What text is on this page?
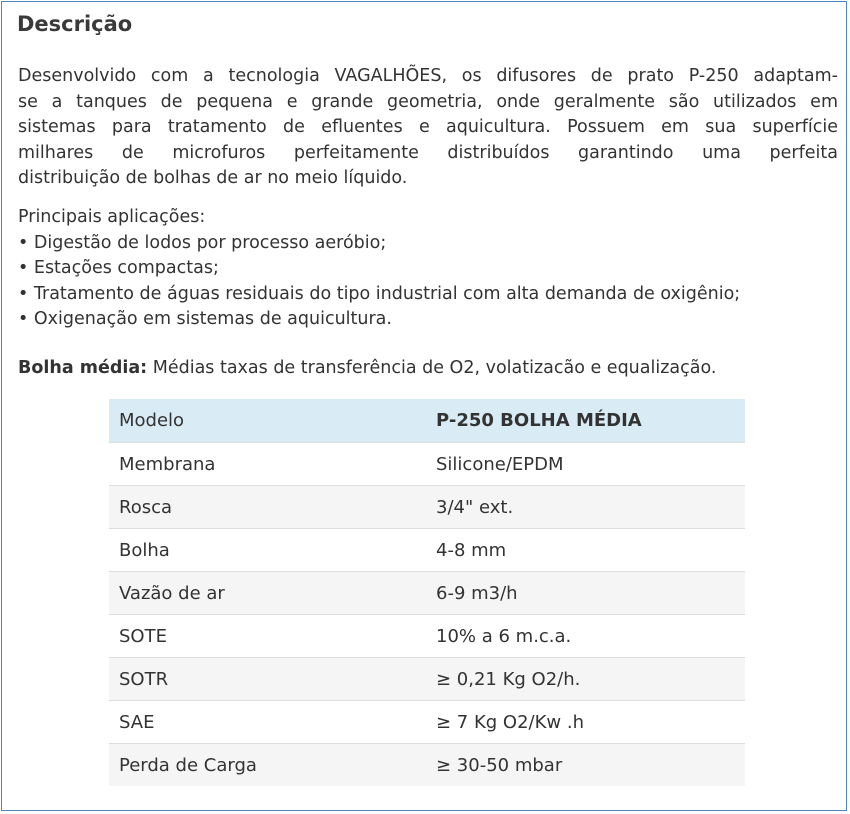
Descrição
Desenvolvido com a tecnologia VAGALHÕES, os difusores de prato P-250 adaptam-
se a tanques de pequena e grande geometria, onde geralmente são utilizados em
sistemas para tratamento de efluentes e aquicultura. Possuem em sua superfície
milhares de microfuros perfeitamente distribuídos garantindo uma perfeita
distribuição de bolhas de ar no meio líquido.
Principais aplicações:
• Digestão de lodos por processo aeróbio;
• Estações compactas;
• Tratamento de águas residuais do tipo industrial com alta demanda de oxigênio;
• Oxigenação em sistemas de aquicultura.
Bolha média: Médias taxas de transferência de O2, volatizacão e equalização.
Modelo	P-250 BOLHA MÉDIA
Membrana	Silicone/EPDM
Rosca	3/4" ext.
Bolha	4-8 mm
Vazão de ar	6-9 m3/h
SOTE	10% a 6 m.c.a.
SOTR	≥ 0,21 Kg O2/h.
SAE	≥ 7 Kg O2/Kw .h
Perda de Carga	≥ 30-50 mbar
